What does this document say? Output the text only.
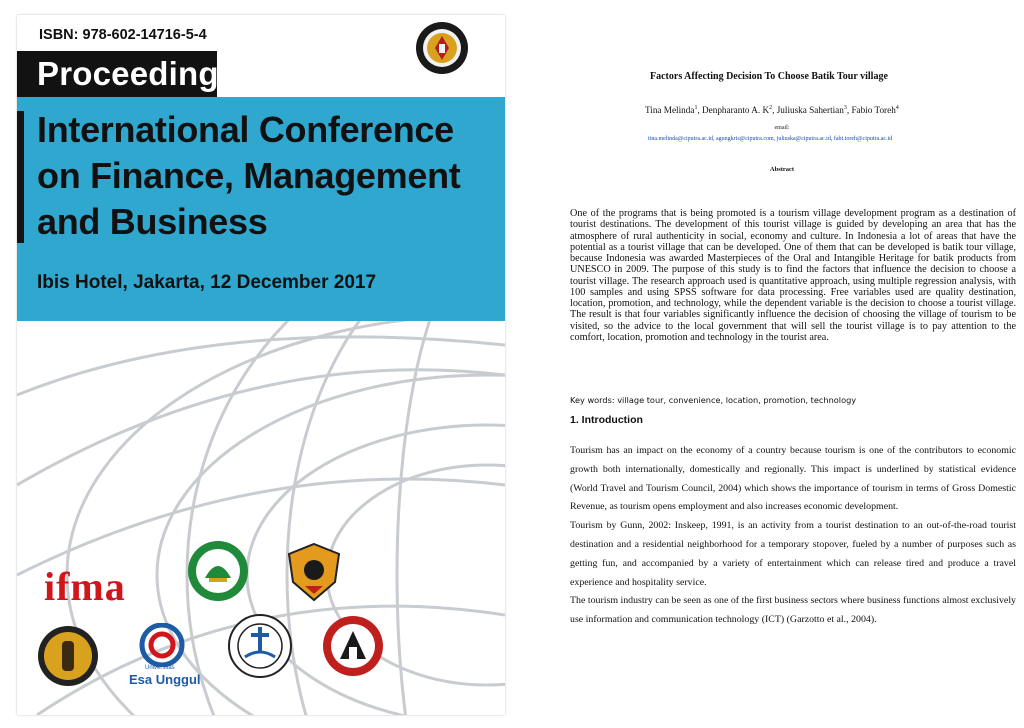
ISBN: 978-602-14716-5-4
Proceedings
International Conference on Finance, Management and Business
Ibis Hotel, Jakarta, 12 December 2017
ifma
Universitas
Esa Unggul
Factors Affecting Decision To Choose Batik Tour village
Tina Melinda$^1$, Denpharanto A. $K^2$, Juliuska Sahertian$^3$, Fabio Toreh$^4$
email:
tina.melinda@ciputra.ac.id, agungkris@ciputra.com, juliuska@ciputra.ac.id, fabi.toreh@ciputra.ac.id
Abstract
One of the programs that is being promoted is a tourism village development program as a destination of tourist destinations. The development of this tourist village is guided by developing an area that has the atmosphere of rural authenticity in social, economy and culture. In Indonesia a lot of areas that have the potential as a tourist village that can be developed. One of them that can be developed is batik tour village, because Indonesia was awarded Masterpieces of the Oral and Intangible Heritage for batik products from UNESCO in 2009. The purpose of this study is to find the factors that influence the decision to choose a tourist village. The research approach used is quantitative approach, using multiple regression analysis, with 100 samples and using SPSS software for data processing. Free variables used are quality destination, location, promotion, and technology, while the dependent variable is the decision to choose a tourist village. The result is that four variables significantly influence the decision of choosing the village of tourism to be visited, so the advice to the local government that will sell the tourist village is to pay attention to the comfort, location, promotion and technology in the tourist area.
Key words: village tour, convenience, location, promotion, technology
1. Introduction

Tourism has an impact on the economy of a country because tourism is one of the contributors to economic growth both internationally, domestically and regionally. This impact is underlined by statistical evidence (World Travel and Tourism Council, 2004) which shows the importance of tourism in terms of Gross Domestic Revenue, as tourism opens employment and also increases economic development.

Tourism by Gunn, 2002: Inskeep, 1991, is an activity from a tourist destination to an out-of-the-road tourist destination and a residential neighborhood for a temporary stopover, fueled by a number of purposes such as getting fun, and accompanied by a variety of entertainment which can release tired and produce a travel experience and hospitality service.

The tourism industry can be seen as one of the first business sectors where business functions almost exclusively use information and communication technology (ICT) (Garzotto et al., 2004).
